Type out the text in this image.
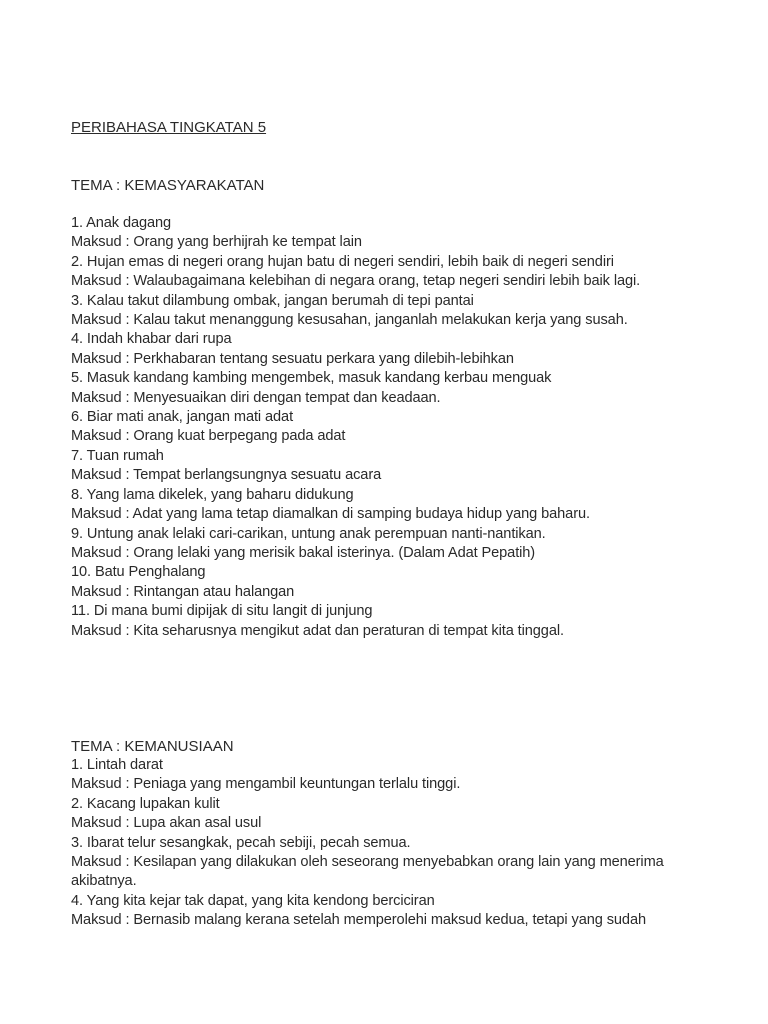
PERIBAHASA TINGKATAN 5
TEMA : KEMASYARAKATAN
1. Anak dagang
Maksud : Orang yang berhijrah ke tempat lain
2. Hujan emas di negeri orang hujan batu di negeri sendiri, lebih baik di negeri sendiri
Maksud : Walaubagaimana kelebihan di negara orang, tetap negeri sendiri lebih baik lagi.
3. Kalau takut dilambung ombak, jangan berumah di tepi pantai
Maksud : Kalau takut menanggung kesusahan, janganlah melakukan kerja yang susah.
4. Indah khabar dari rupa
Maksud : Perkhabaran tentang sesuatu perkara yang dilebih-lebihkan
5. Masuk kandang kambing mengembek, masuk kandang kerbau menguak
Maksud : Menyesuaikan diri dengan tempat dan keadaan.
6. Biar mati anak, jangan mati adat
Maksud : Orang kuat berpegang pada adat
7. Tuan rumah
Maksud : Tempat berlangsungnya sesuatu acara
8. Yang lama dikelek, yang baharu didukung
Maksud : Adat yang lama tetap diamalkan di samping budaya hidup yang baharu.
9. Untung anak lelaki cari-carikan, untung anak perempuan nanti-nantikan.
Maksud : Orang lelaki yang merisik bakal isterinya. (Dalam Adat Pepatih)
10. Batu Penghalang
Maksud : Rintangan atau halangan
11. Di mana bumi dipijak di situ langit di junjung
Maksud : Kita seharusnya mengikut adat dan peraturan di tempat kita tinggal.
TEMA : KEMANUSIAAN
1. Lintah darat
Maksud : Peniaga yang mengambil keuntungan terlalu tinggi.
2. Kacang lupakan kulit
Maksud : Lupa akan asal usul
3. Ibarat telur sesangkak, pecah sebiji, pecah semua.
Maksud : Kesilapan yang dilakukan oleh seseorang menyebabkan orang lain yang menerima akibatnya.
4. Yang kita kejar tak dapat, yang kita kendong berciciran
Maksud : Bernasib malang kerana setelah memperolehi maksud kedua, tetapi yang sudah
